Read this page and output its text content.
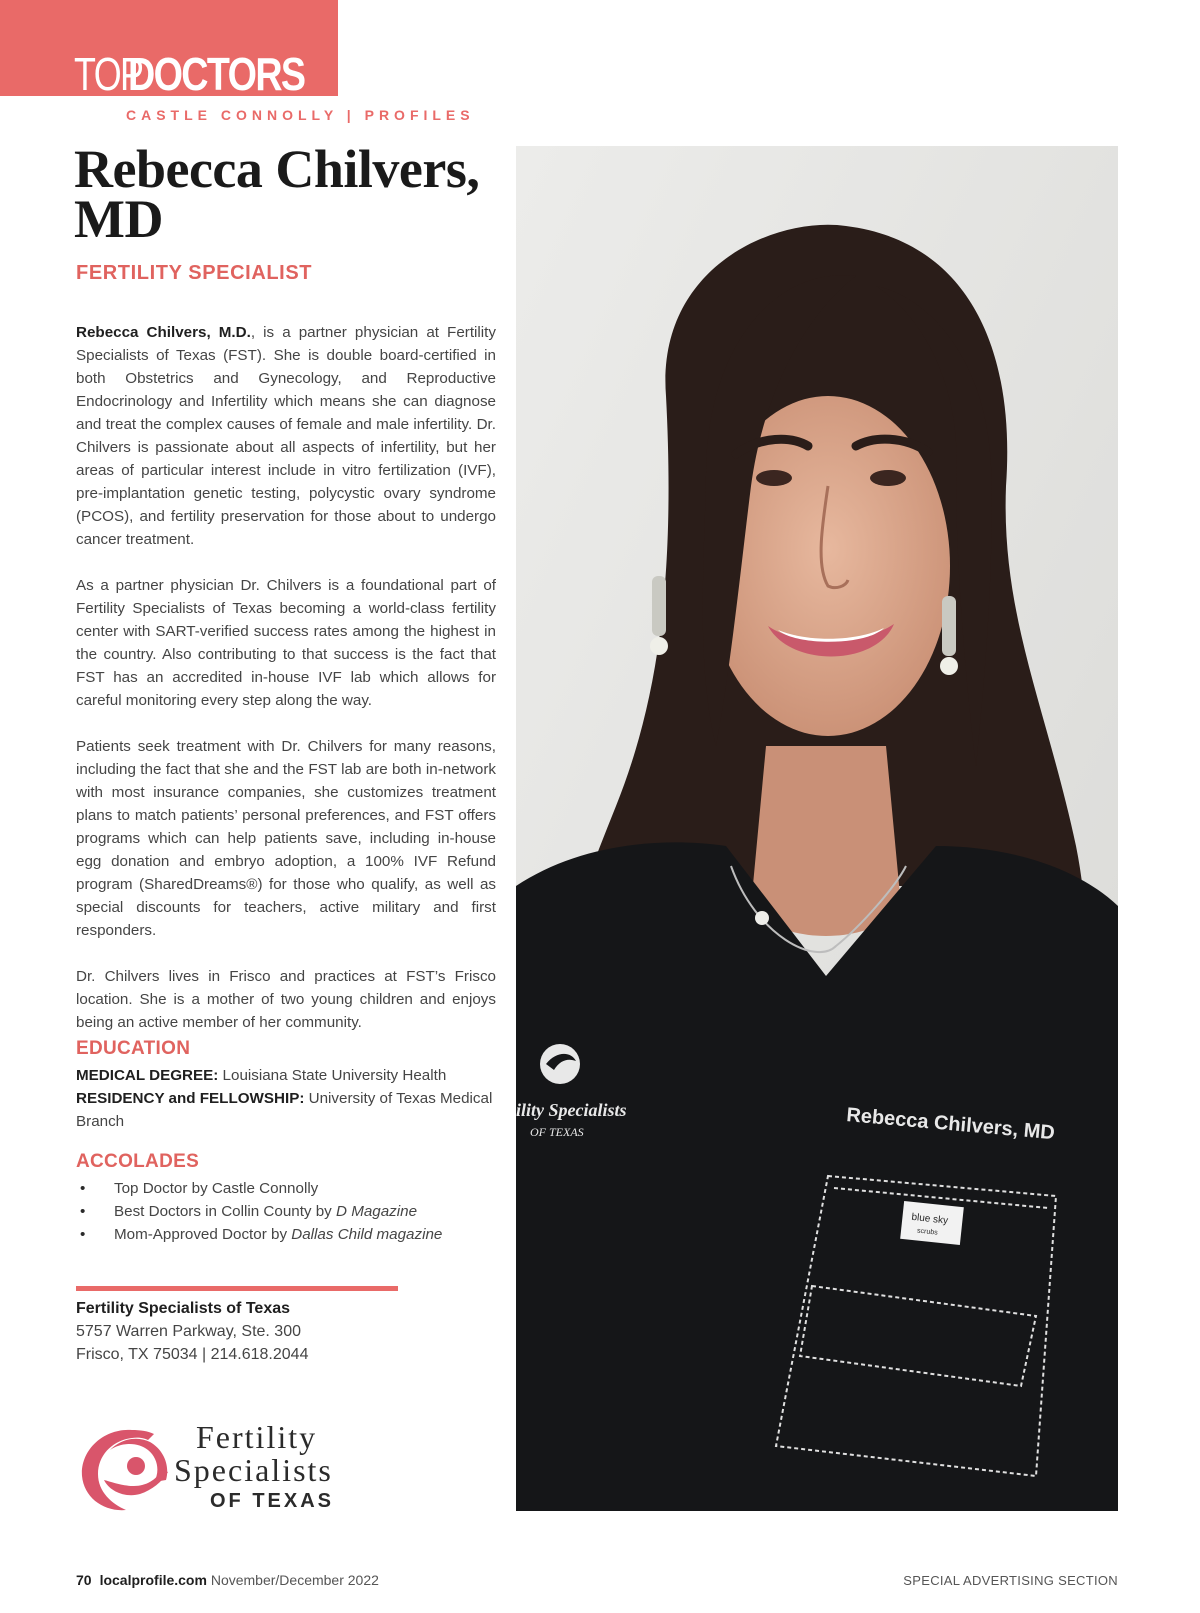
TOPDOCTORS
CASTLE CONNOLLY | PROFILES
Rebecca Chilvers,
MD
FERTILITY SPECIALIST

Rebecca Chilvers, M.D., is a partner physician at Fertility Specialists of Texas (FST). She is double board-certified in both Obstetrics and Gynecology, and Reproductive Endocrinology and Infertility which means she can diagnose and treat the complex causes of female and male infertility. Dr. Chilvers is passionate about all aspects of infertility, but her areas of particular interest include in vitro fertilization (IVF), pre-implantation genetic testing, polycystic ovary syndrome (PCOS), and fertility preservation for those about to undergo cancer treatment.

As a partner physician Dr. Chilvers is a foundational part of Fertility Specialists of Texas becoming a world-class fertility center with SART-verified success rates among the highest in the country. Also contributing to that success is the fact that FST has an accredited in-house IVF lab which allows for careful monitoring every step along the way.

Patients seek treatment with Dr. Chilvers for many reasons, including the fact that she and the FST lab are both in-network with most insurance companies, she customizes treatment plans to match patients’ personal preferences, and FST offers programs which can help patients save, including in-house egg donation and embryo adoption, a 100% IVF Refund program (SharedDreams®) for those who qualify, as well as special discounts for teachers, active military and first responders.

Dr. Chilvers lives in Frisco and practices at FST’s Frisco location. She is a mother of two young children and enjoys being an active member of her community.

EDUCATION
MEDICAL DEGREE: Louisiana State University Health
RESIDENCY and FELLOWSHIP: University of Texas Medical Branch
ACCOLADES
• Top Doctor by Castle Connolly
• Best Doctors in Collin County by D Magazine
• Mom-Approved Doctor by Dallas Child magazine
Fertility Specialists of Texas
5757 Warren Parkway, Ste. 300
Frisco, TX 75034 | 214.618.2044
Fertility
Specialists
OF TEXAS
ility Specialists
OF TEXAS	Rebecca Chilvers, MD
blue sky
scrubs
70 localprofile.com November/December 2022	SPECIAL ADVERTISING SECTION
